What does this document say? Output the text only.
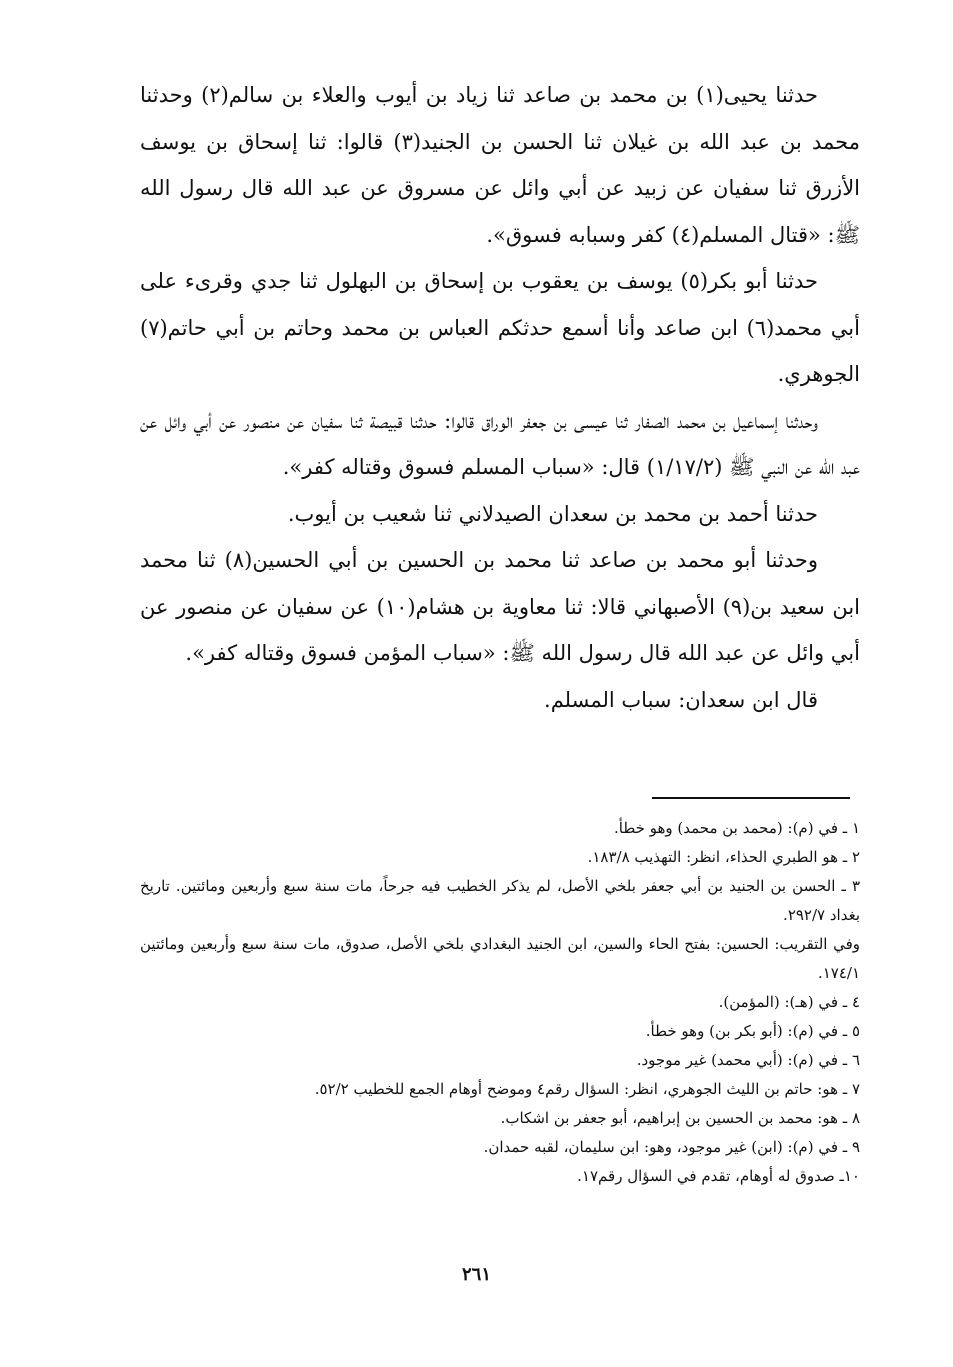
حدثنا يحيى(١) بن محمد بن صاعد ثنا زياد بن أيوب والعلاء بن سالم(٢) وحدثنا محمد بن عبد الله بن غيلان ثنا الحسن بن الجنيد(٣) قالوا: ثنا إسحاق بن يوسف الأزرق ثنا سفيان عن زبيد عن أبي وائل عن مسروق عن عبد الله قال رسول الله ﷺ: «قتال المسلم(٤) كفر وسبابه فسوق».

حدثنا أبو بكر(٥) يوسف بن يعقوب بن إسحاق بن البهلول ثنا جدي وقرىء على أبي محمد(٦) ابن صاعد وأنا أسمع حدثكم العباس بن محمد وحاتم بن أبي حاتم(٧) الجوهري.

وحدثنا إسماعيل بن محمد الصفار ثنا عيسى بن جعفر الوراق قالوا: حدثنا قبيصة ثنا سفيان عن منصور عن أبي وائل عن عبد الله عن النبي ﷺ (١/١٧/٢) قال: «سباب المسلم فسوق وقتاله كفر».

حدثنا أحمد بن محمد بن سعدان الصيدلاني ثنا شعيب بن أيوب.

وحدثنا أبو محمد بن صاعد ثنا محمد بن الحسين بن أبي الحسين(٨) ثنا محمد ابن سعيد بن(٩) الأصبهاني قالا: ثنا معاوية بن هشام(١٠) عن سفيان عن منصور عن أبي وائل عن عبد الله قال رسول الله ﷺ: «سباب المؤمن فسوق وقتاله كفر».

قال ابن سعدان: سباب المسلم.

١ ـ في (م): (محمد بن محمد) وهو خطأ.

٢ ـ هو الطبري الحذاء، انظر: التهذيب ١٨٣/٨.

٣ ـ الحسن بن الجنيد بن أبي جعفر بلخي الأصل، لم يذكر الخطيب فيه جرحاً، مات سنة سبع وأربعين ومائتين. تاريخ بغداد ٢٩٢/٧.

وفي التقريب: الحسين: بفتح الحاء والسين، ابن الجنيد البغدادي بلخي الأصل، صدوق، مات سنة سبع وأربعين ومائتين ١٧٤/١.

٤ ـ في (هـ): (المؤمن).

٥ ـ في (م): (أبو بكر بن) وهو خطأ.

٦ ـ في (م): (أبي محمد) غير موجود.

٧ ـ هو: حاتم بن الليث الجوهري، انظر: السؤال رقم٤ وموضح أوهام الجمع للخطيب ٥٢/٢.

٨ ـ هو: محمد بن الحسين بن إبراهيم، أبو جعفر بن اشكاب.

٩ ـ في (م): (ابن) غير موجود، وهو: ابن سليمان، لقبه حمدان.

١٠ـ صدوق له أوهام، تقدم في السؤال رقم١٧.

٢٦١
